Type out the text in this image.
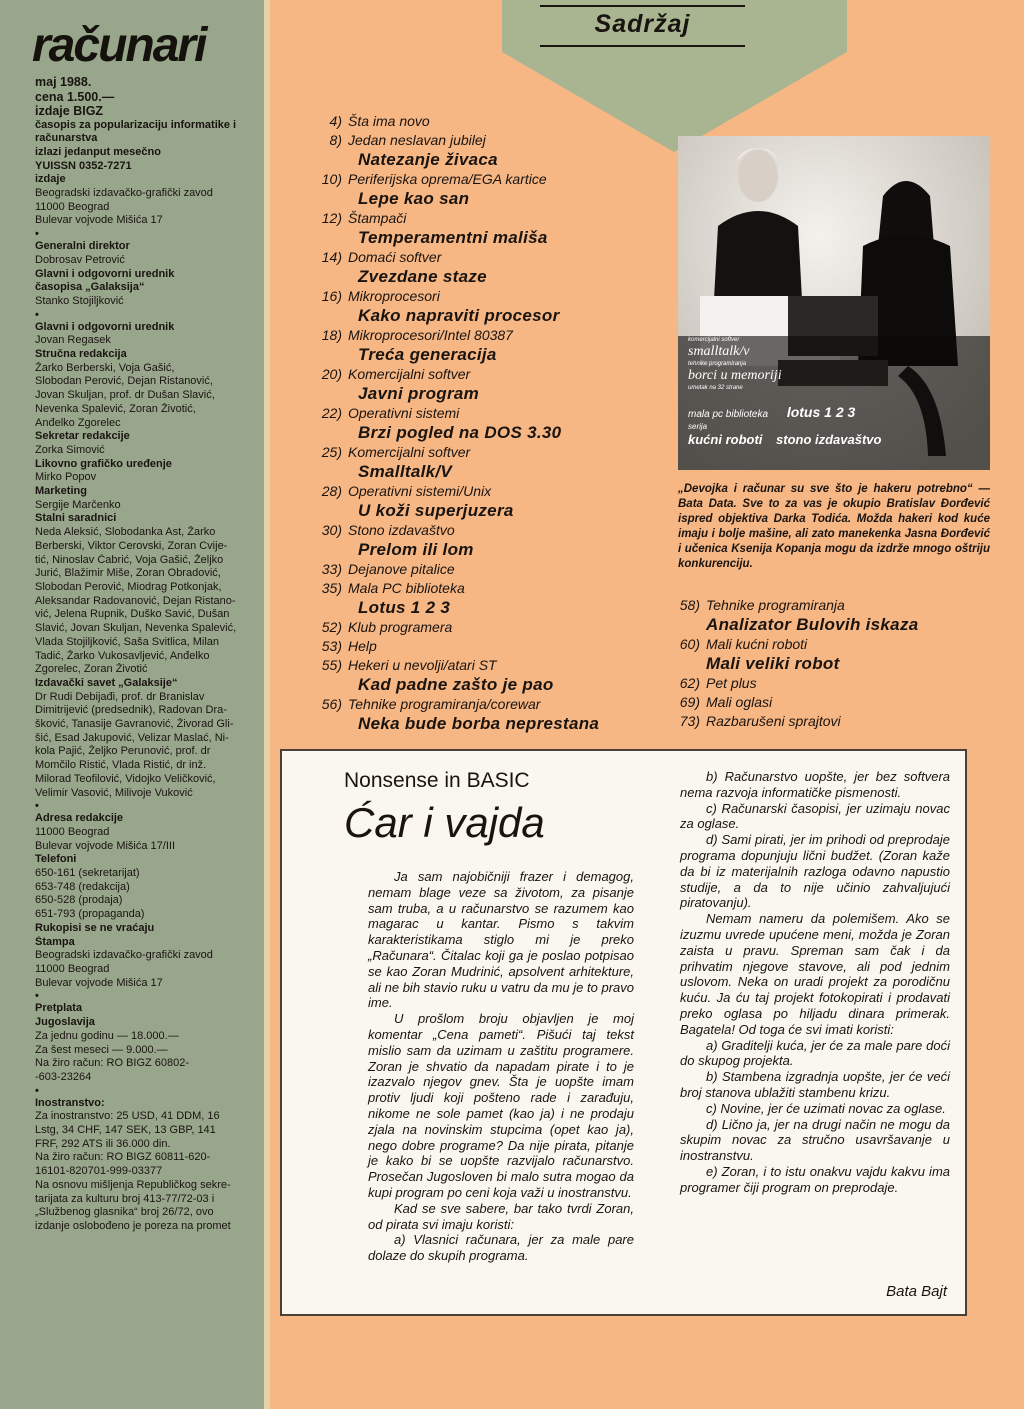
računari
maj 1988.
cena 1.500.—
izdaje BIGZ
časopis za popularizaciju informatike i
računarstva
izlazi jedanput mesečno
YUISSN 0352-7271
izdaje
Beogradski izdavačko-grafički zavod
11000 Beograd
Bulevar vojvode Mišića 17
•
Generalni direktor
Dobrosav Petrović
Glavni i odgovorni urednik
časopisa „Galaksija“
Stanko Stojiljković
•
Glavni i odgovorni urednik
Jovan Regasek
Stručna redakcija
Žarko Berberski, Voja Gašić,
Slobodan Perović, Dejan Ristanović,
Jovan Skuljan, prof. dr Dušan Slavić,
Nevenka Spalević, Zoran Životić,
Anđelko Zgorelec
Sekretar redakcije
Zorka Simović
Likovno grafičko uređenje
Mirko Popov
Marketing
Sergije Marčenko
Stalni saradnici
Neda Aleksić, Slobodanka Ast, Žarko
Berberski, Viktor Cerovski, Zoran Cvije-
tić, Ninoslav Čabrić, Voja Gašić, Željko
Jurić, Blažimir Miše, Zoran Obradović,
Slobodan Perović, Miodrag Potkonjak,
Aleksandar Radovanović, Dejan Ristano-
vić, Jelena Rupnik, Duško Savić, Dušan
Slavić, Jovan Skuljan, Nevenka Spalević,
Vlada Stojiljković, Saša Svitlica, Milan
Tadić, Žarko Vukosavljević, Anđelko
Zgorelec, Zoran Životić
Izdavački savet „Galaksije“
Dr Rudi Debijađi, prof. dr Branislav
Dimitrijević (predsednik), Radovan Dra-
šković, Tanasije Gavranović, Živorad Gli-
šić, Esad Jakupović, Velizar Maslać, Ni-
kola Pajić, Željko Perunović, prof. dr
Momčilo Ristić, Vlada Ristić, dr inž.
Milorad Teofilović, Vidojko Veličković,
Velimir Vasović, Milivoje Vuković
•
Adresa redakcije
11000 Beograd
Bulevar vojvode Mišića 17/III
Telefoni
650-161 (sekretarijat)
653-748 (redakcija)
650-528 (prodaja)
651-793 (propaganda)
Rukopisi se ne vraćaju
Štampa
Beogradski izdavačko-grafički zavod
11000 Beograd
Bulevar vojvode Mišića 17
•
Pretplata
Jugoslavija
Za jednu godinu — 18.000.—
Za šest meseci — 9.000.—
Na žiro račun: RO BIGZ 60802-
-603-23264
•
Inostranstvo:
Za inostranstvo: 25 USD, 41 DDM, 16
Lstg, 34 CHF, 147 SEK, 13 GBP, 141
FRF, 292 ATS ili 36.000 din.
Na žiro račun: RO BIGZ 60811-620-
16101-820701-999-03377
Na osnovu mišljenja Republičkog sekre-
tarijata za kulturu broj 413-77/72-03 i
„Službenog glasnika“ broj 26/72, ovo
izdanje oslobođeno je poreza na promet
Sadržaj
4) Šta ima novo
8) Jedan neslavan jubilej
Natezanje živaca
10) Periferijska oprema/EGA kartice
Lepe kao san
12) Štampači
Temperamentni mališa
14) Domaći softver
Zvezdane staze
16) Mikroprocesori
Kako napraviti procesor
18) Mikroprocesori/Intel 80387
Treća generacija
20) Komercijalni softver
Javni program
22) Operativni sistemi
Brzi pogled na DOS 3.30
25) Komercijalni softver
Smalltalk/V
28) Operativni sistemi/Unix
U koži superjuzera
30) Stono izdavaštvo
Prelom ili lom
33) Dejanove pitalice
35) Mala PC biblioteka
Lotus 1 2 3
52) Klub programera
53) Help
55) Hekeri u nevolji/atari ST
Kad padne zašto je pao
56) Tehnike programiranja/corewar
Neka bude borba neprestana
komercijalni softver
smalltalk/v
tehnike programiranja
borci u memoriji
umetak na 32 strane
mala pc biblioteka lotus 1 2 3
serija
kućni roboti stono izdavaštvo
„Devojka i računar su sve što je hakeru potrebno“ — Bata Data. Sve to za vas je okupio Bratislav Đorđević ispred objektiva Darka Todića. Možda hakeri kod kuće imaju i bolje mašine, ali zato manekenka Jasna Đorđević i učenica Ksenija Kopanja mogu da izdrže mnogo oštriju konkurenciju.
58) Tehnike programiranja
Analizator Bulovih iskaza
60) Mali kućni roboti
Mali veliki robot
62) Pet plus
69) Mali oglasi
73) Razbarušeni sprajtovi
Nonsense in BASIC
Ćar i vajda

Ja sam najobičniji frazer i demagog, nemam blage veze sa životom, za pisanje sam truba, a u računarstvo se razumem kao magarac u kantar. Pismo s takvim karakteristikama stiglo mi je preko „Računara“. Čitalac koji ga je poslao potpisao se kao Zoran Mudrinić, apsolvent arhitekture, ali ne bih stavio ruku u vatru da mu je to pravo ime.

U prošlom broju objavljen je moj komentar „Cena pameti“. Pišući taj tekst mislio sam da uzimam u zaštitu programere. Zoran je shvatio da napadam pirate i to je izazvalo njegov gnev. Šta je uopšte imam protiv ljudi koji pošteno rade i zarađuju, nikome ne sole pamet (kao ja) i ne prodaju zjala na novinskim stupcima (opet kao ja), nego dobre programe? Da nije pirata, pitanje je kako bi se uopšte razvijalo računarstvo. Prosečan Jugosloven bi malo sutra mogao da kupi program po ceni koja važi u inostranstvu.

Kad se sve sabere, bar tako tvrdi Zoran, od pirata svi imaju koristi:

a) Vlasnici računara, jer za male pare dolaze do skupih programa.

b) Računarstvo uopšte, jer bez softvera nema razvoja informatičke pismenosti.

c) Računarski časopisi, jer uzimaju novac za oglase.

d) Sami pirati, jer im prihodi od preprodaje programa dopunjuju lični budžet. (Zoran kaže da bi iz materijalnih razloga odavno napustio studije, a da to nije učinio zahvaljujući piratovanju).

Nemam nameru da polemišem. Ako se izuzmu uvrede upućene meni, možda je Zoran zaista u pravu. Spreman sam čak i da prihvatim njegove stavove, ali pod jednim uslovom. Neka on uradi projekt za porodičnu kuću. Ja ću taj projekt fotokopirati i prodavati preko oglasa po hiljadu dinara primerak. Bagatela! Od toga će svi imati koristi:

a) Graditelji kuća, jer će za male pare doći do skupog projekta.

b) Stambena izgradnja uopšte, jer će veći broj stanova ublažiti stambenu krizu.

c) Novine, jer će uzimati novac za oglase.

d) Lično ja, jer na drugi način ne mogu da skupim novac za stručno usavršavanje u inostranstvu.

e) Zoran, i to istu onakvu vajdu kakvu ima programer čiji program on preprodaje.

Bata Bajt
